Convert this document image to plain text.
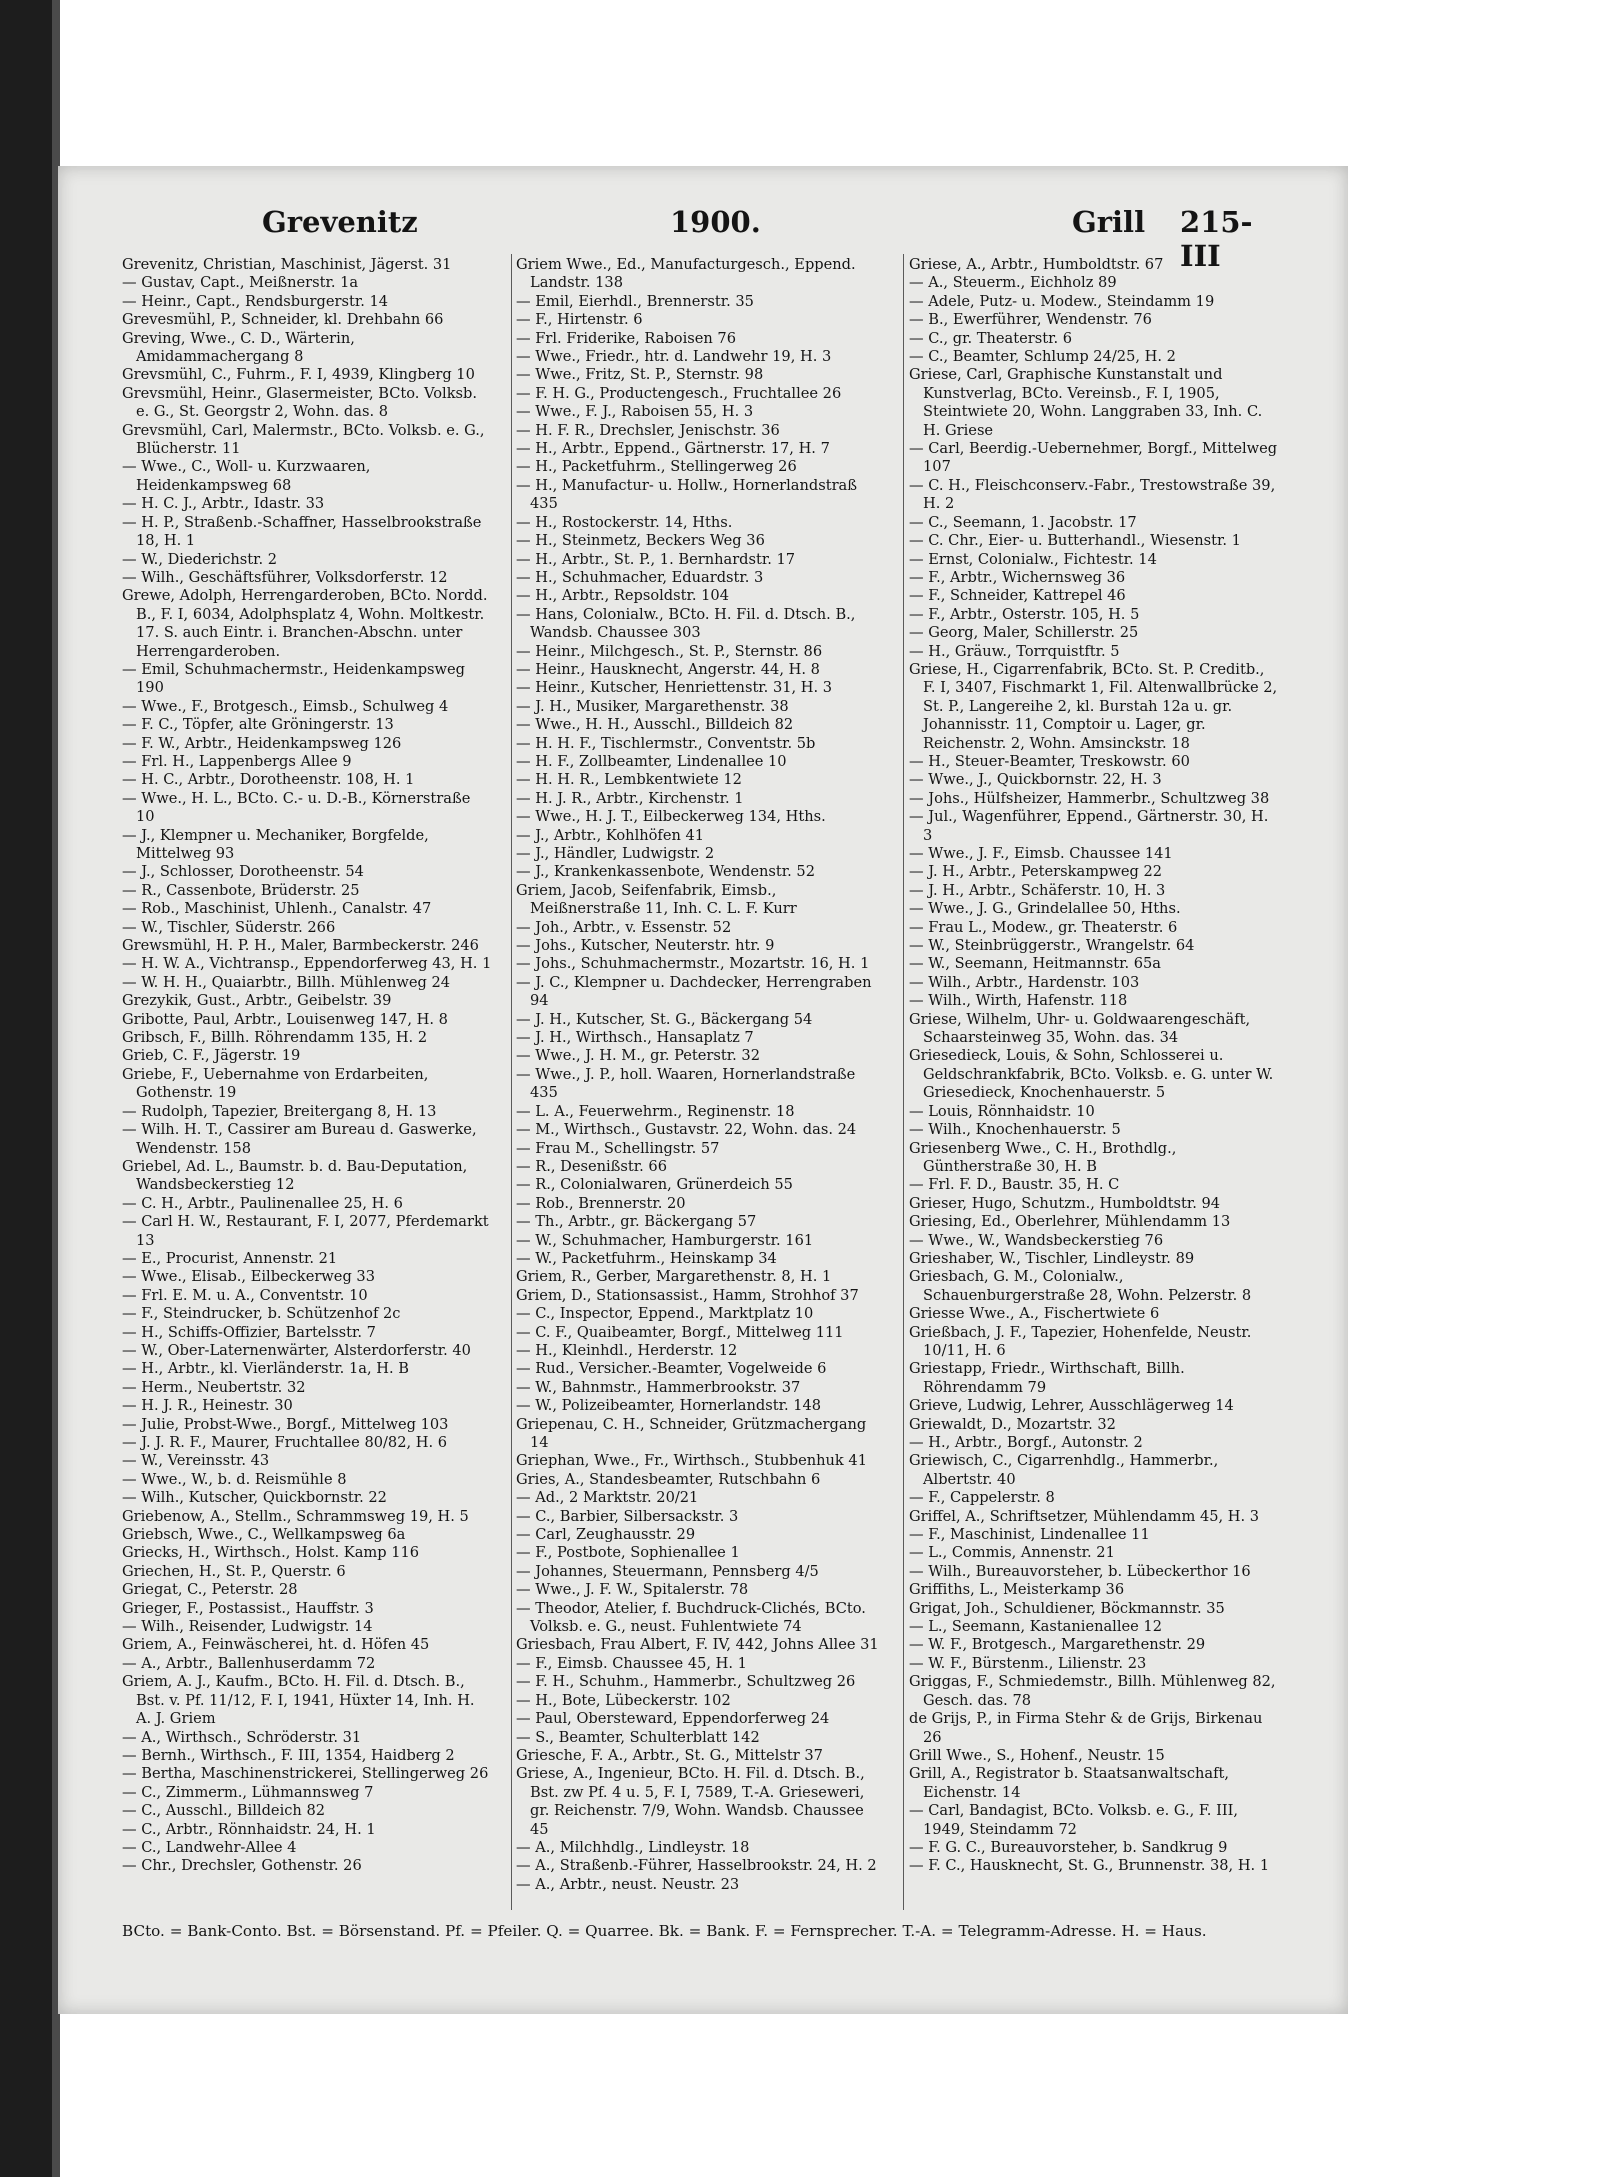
Grevenitz	1900.	Grill 215-III
Grevenitz, Christian, Maschinist, Jägerst. 31
— Gustav, Capt., Meißnerstr. 1a
— Heinr., Capt., Rendsburgerstr. 14
Grevesmühl, P., Schneider, kl. Drehbahn 66
Greving, Wwe., C. D., Wärterin, Amidammachergang 8
Grevsmühl, C., Fuhrm., F. I, 4939, Klingberg 10
Grevsmühl, Heinr., Glasermeister, BCto. Volksb. e. G., St. Georgstr 2, Wohn. das. 8
Grevsmühl, Carl, Malermstr., BCto. Volksb. e. G., Blücherstr. 11
— Wwe., C., Woll- u. Kurzwaaren, Heidenkampsweg 68
— H. C. J., Arbtr., Idastr. 33
— H. P., Straßenb.-Schaffner, Hasselbrookstraße 18, H. 1
— W., Diederichstr. 2
— Wilh., Geschäftsführer, Volksdorferstr. 12
Grewe, Adolph, Herrengarderoben, BCto. Nordd. B., F. I, 6034, Adolphsplatz 4, Wohn. Moltkestr. 17. S. auch Eintr. i. Branchen-Abschn. unter Herrengarderoben.
— Emil, Schuhmachermstr., Heidenkampsweg 190
— Wwe., F., Brotgesch., Eimsb., Schulweg 4
— F. C., Töpfer, alte Gröningerstr. 13
— F. W., Arbtr., Heidenkampsweg 126
— Frl. H., Lappenbergs Allee 9
— H. C., Arbtr., Dorotheenstr. 108, H. 1
— Wwe., H. L., BCto. C.- u. D.-B., Körnerstraße 10
— J., Klempner u. Mechaniker, Borgfelde, Mittelweg 93
— J., Schlosser, Dorotheenstr. 54
— R., Cassenbote, Brüderstr. 25
— Rob., Maschinist, Uhlenh., Canalstr. 47
— W., Tischler, Süderstr. 266
Grewsmühl, H. P. H., Maler, Barmbeckerstr. 246
— H. W. A., Vichtransp., Eppendorferweg 43, H. 1
— W. H. H., Quaiarbtr., Billh. Mühlenweg 24
Grezykik, Gust., Arbtr., Geibelstr. 39
Gribotte, Paul, Arbtr., Louisenweg 147, H. 8
Gribsch, F., Billh. Röhrendamm 135, H. 2
Grieb, C. F., Jägerstr. 19
Griebe, F., Uebernahme von Erdarbeiten, Gothenstr. 19
— Rudolph, Tapezier, Breitergang 8, H. 13
— Wilh. H. T., Cassirer am Bureau d. Gaswerke, Wendenstr. 158
Griebel, Ad. L., Baumstr. b. d. Bau-Deputation, Wandsbeckerstieg 12
— C. H., Arbtr., Paulinenallee 25, H. 6
— Carl H. W., Restaurant, F. I, 2077, Pferdemarkt 13
— E., Procurist, Annenstr. 21
— Wwe., Elisab., Eilbeckerweg 33
— Frl. E. M. u. A., Conventstr. 10
— F., Steindrucker, b. Schützenhof 2c
— H., Schiffs-Offizier, Bartelsstr. 7
— W., Ober-Laternenwärter, Alsterdorferstr. 40
— H., Arbtr., kl. Vierländerstr. 1a, H. B
— Herm., Neubertstr. 32
— H. J. R., Heinestr. 30
— Julie, Probst-Wwe., Borgf., Mittelweg 103
— J. J. R. F., Maurer, Fruchtallee 80/82, H. 6
— W., Vereinsstr. 43
— Wwe., W., b. d. Reismühle 8
— Wilh., Kutscher, Quickbornstr. 22
Griebenow, A., Stellm., Schrammsweg 19, H. 5
Griebsch, Wwe., C., Wellkampsweg 6a
Griecks, H., Wirthsch., Holst. Kamp 116
Griechen, H., St. P., Querstr. 6
Griegat, C., Peterstr. 28
Grieger, F., Postassist., Hauffstr. 3
— Wilh., Reisender, Ludwigstr. 14
Griem, A., Feinwäscherei, ht. d. Höfen 45
— A., Arbtr., Ballenhuserdamm 72
Griem, A. J., Kaufm., BCto. H. Fil. d. Dtsch. B., Bst. v. Pf. 11/12, F. I, 1941, Hüxter 14, Inh. H. A. J. Griem
— A., Wirthsch., Schröderstr. 31
— Bernh., Wirthsch., F. III, 1354, Haidberg 2
— Bertha, Maschinenstrickerei, Stellingerweg 26
— C., Zimmerm., Lühmannsweg 7
— C., Ausschl., Billdeich 82
— C., Arbtr., Rönnhaidstr. 24, H. 1
— C., Landwehr-Allee 4
— Chr., Drechsler, Gothenstr. 26
Griem Wwe., Ed., Manufacturgesch., Eppend. Landstr. 138
— Emil, Eierhdl., Brennerstr. 35
— F., Hirtenstr. 6
— Frl. Friderike, Raboisen 76
— Wwe., Friedr., htr. d. Landwehr 19, H. 3
— Wwe., Fritz, St. P., Sternstr. 98
— F. H. G., Productengesch., Fruchtallee 26
— Wwe., F. J., Raboisen 55, H. 3
— H. F. R., Drechsler, Jenischstr. 36
— H., Arbtr., Eppend., Gärtnerstr. 17, H. 7
— H., Packetfuhrm., Stellingerweg 26
— H., Manufactur- u. Hollw., Hornerlandstraß 435
— H., Rostockerstr. 14, Hths.
— H., Steinmetz, Beckers Weg 36
— H., Arbtr., St. P., 1. Bernhardstr. 17
— H., Schuhmacher, Eduardstr. 3
— H., Arbtr., Repsoldstr. 104
— Hans, Colonialw., BCto. H. Fil. d. Dtsch. B., Wandsb. Chaussee 303
— Heinr., Milchgesch., St. P., Sternstr. 86
— Heinr., Hausknecht, Angerstr. 44, H. 8
— Heinr., Kutscher, Henriettenstr. 31, H. 3
— J. H., Musiker, Margarethenstr. 38
— Wwe., H. H., Ausschl., Billdeich 82
— H. H. F., Tischlermstr., Conventstr. 5b
— H. F., Zollbeamter, Lindenallee 10
— H. H. R., Lembkentwiete 12
— H. J. R., Arbtr., Kirchenstr. 1
— Wwe., H. J. T., Eilbeckerweg 134, Hths.
— J., Arbtr., Kohlhöfen 41
— J., Händler, Ludwigstr. 2
— J., Krankenkassenbote, Wendenstr. 52
Griem, Jacob, Seifenfabrik, Eimsb., Meißnerstraße 11, Inh. C. L. F. Kurr
— Joh., Arbtr., v. Essenstr. 52
— Johs., Kutscher, Neuterstr. htr. 9
— Johs., Schuhmachermstr., Mozartstr. 16, H. 1
— J. C., Klempner u. Dachdecker, Herrengraben 94
— J. H., Kutscher, St. G., Bäckergang 54
— J. H., Wirthsch., Hansaplatz 7
— Wwe., J. H. M., gr. Peterstr. 32
— Wwe., J. P., holl. Waaren, Hornerlandstraße 435
— L. A., Feuerwehrm., Reginenstr. 18
— M., Wirthsch., Gustavstr. 22, Wohn. das. 24
— Frau M., Schellingstr. 57
— R., Desenißstr. 66
— R., Colonialwaren, Grünerdeich 55
— Rob., Brennerstr. 20
— Th., Arbtr., gr. Bäckergang 57
— W., Schuhmacher, Hamburgerstr. 161
— W., Packetfuhrm., Heinskamp 34
Griem, R., Gerber, Margarethenstr. 8, H. 1
Griem, D., Stationsassist., Hamm, Strohhof 37
— C., Inspector, Eppend., Marktplatz 10
— C. F., Quaibeamter, Borgf., Mittelweg 111
— H., Kleinhdl., Herderstr. 12
— Rud., Versicher.-Beamter, Vogelweide 6
— W., Bahnmstr., Hammerbrookstr. 37
— W., Polizeibeamter, Hornerlandstr. 148
Griepenau, C. H., Schneider, Grützmachergang 14
Griephan, Wwe., Fr., Wirthsch., Stubbenhuk 41
Gries, A., Standesbeamter, Rutschbahn 6
— Ad., 2 Marktstr. 20/21
— C., Barbier, Silbersackstr. 3
— Carl, Zeughausstr. 29
— F., Postbote, Sophienallee 1
— Johannes, Steuermann, Pennsberg 4/5
— Wwe., J. F. W., Spitalerstr. 78
— Theodor, Atelier, f. Buchdruck-Clichés, BCto. Volksb. e. G., neust. Fuhlentwiete 74
Griesbach, Frau Albert, F. IV, 442, Johns Allee 31
— F., Eimsb. Chaussee 45, H. 1
— F. H., Schuhm., Hammerbr., Schultzweg 26
— H., Bote, Lübeckerstr. 102
— Paul, Obersteward, Eppendorferweg 24
— S., Beamter, Schulterblatt 142
Griesche, F. A., Arbtr., St. G., Mittelstr 37
Griese, A., Ingenieur, BCto. H. Fil. d. Dtsch. B., Bst. zw Pf. 4 u. 5, F. I, 7589, T.-A. Grieseweri, gr. Reichenstr. 7/9, Wohn. Wandsb. Chaussee 45
— A., Milchhdlg., Lindleystr. 18
— A., Straßenb.-Führer, Hasselbrookstr. 24, H. 2
— A., Arbtr., neust. Neustr. 23
Griese, A., Arbtr., Humboldtstr. 67
— A., Steuerm., Eichholz 89
— Adele, Putz- u. Modew., Steindamm 19
— B., Ewerführer, Wendenstr. 76
— C., gr. Theaterstr. 6
— C., Beamter, Schlump 24/25, H. 2
Griese, Carl, Graphische Kunstanstalt und Kunstverlag, BCto. Vereinsb., F. I, 1905, Steintwiete 20, Wohn. Langgraben 33, Inh. C. H. Griese
— Carl, Beerdig.-Uebernehmer, Borgf., Mittelweg 107
— C. H., Fleischconserv.-Fabr., Trestowstraße 39, H. 2
— C., Seemann, 1. Jacobstr. 17
— C. Chr., Eier- u. Butterhandl., Wiesenstr. 1
— Ernst, Colonialw., Fichtestr. 14
— F., Arbtr., Wichernsweg 36
— F., Schneider, Kattrepel 46
— F., Arbtr., Osterstr. 105, H. 5
— Georg, Maler, Schillerstr. 25
— H., Gräuw., Torrquistftr. 5
Griese, H., Cigarrenfabrik, BCto. St. P. Creditb., F. I, 3407, Fischmarkt 1, Fil. Altenwallbrücke 2, St. P., Langereihe 2, kl. Burstah 12a u. gr. Johannisstr. 11, Comptoir u. Lager, gr. Reichenstr. 2, Wohn. Amsinckstr. 18
— H., Steuer-Beamter, Treskowstr. 60
— Wwe., J., Quickbornstr. 22, H. 3
— Johs., Hülfsheizer, Hammerbr., Schultzweg 38
— Jul., Wagenführer, Eppend., Gärtnerstr. 30, H. 3
— Wwe., J. F., Eimsb. Chaussee 141
— J. H., Arbtr., Peterskampweg 22
— J. H., Arbtr., Schäferstr. 10, H. 3
— Wwe., J. G., Grindelallee 50, Hths.
— Frau L., Modew., gr. Theaterstr. 6
— W., Steinbrüggerstr., Wrangelstr. 64
— W., Seemann, Heitmannstr. 65a
— Wilh., Arbtr., Hardenstr. 103
— Wilh., Wirth, Hafenstr. 118
Griese, Wilhelm, Uhr- u. Goldwaarengeschäft, Schaarsteinweg 35, Wohn. das. 34
Griesedieck, Louis, & Sohn, Schlosserei u. Geldschrankfabrik, BCto. Volksb. e. G. unter W. Griesedieck, Knochenhauerstr. 5
— Louis, Rönnhaidstr. 10
— Wilh., Knochenhauerstr. 5
Griesenberg Wwe., C. H., Brothdlg., Güntherstraße 30, H. B
— Frl. F. D., Baustr. 35, H. C
Grieser, Hugo, Schutzm., Humboldtstr. 94
Griesing, Ed., Oberlehrer, Mühlendamm 13
— Wwe., W., Wandsbeckerstieg 76
Grieshaber, W., Tischler, Lindleystr. 89
Griesbach, G. M., Colonialw., Schauenburgerstraße 28, Wohn. Pelzerstr. 8
Griesse Wwe., A., Fischertwiete 6
Grießbach, J. F., Tapezier, Hohenfelde, Neustr. 10/11, H. 6
Griestapp, Friedr., Wirthschaft, Billh. Röhrendamm 79
Grieve, Ludwig, Lehrer, Ausschlägerweg 14
Griewaldt, D., Mozartstr. 32
— H., Arbtr., Borgf., Autonstr. 2
Griewisch, C., Cigarrenhdlg., Hammerbr., Albertstr. 40
— F., Cappelerstr. 8
Griffel, A., Schriftsetzer, Mühlendamm 45, H. 3
— F., Maschinist, Lindenallee 11
— L., Commis, Annenstr. 21
— Wilh., Bureauvorsteher, b. Lübeckerthor 16
Griffiths, L., Meisterkamp 36
Grigat, Joh., Schuldiener, Böckmannstr. 35
— L., Seemann, Kastanienallee 12
— W. F., Brotgesch., Margarethenstr. 29
— W. F., Bürstenm., Lilienstr. 23
Griggas, F., Schmiedemstr., Billh. Mühlenweg 82, Gesch. das. 78
de Grijs, P., in Firma Stehr & de Grijs, Birkenau 26
Grill Wwe., S., Hohenf., Neustr. 15
Grill, A., Registrator b. Staatsanwaltschaft, Eichenstr. 14
— Carl, Bandagist, BCto. Volksb. e. G., F. III, 1949, Steindamm 72
— F. G. C., Bureauvorsteher, b. Sandkrug 9
— F. C., Hausknecht, St. G., Brunnenstr. 38, H. 1
BCto. = Bank-Conto. Bst. = Börsenstand. Pf. = Pfeiler. Q. = Quarree. Bk. = Bank. F. = Fernsprecher. T.-A. = Telegramm-Adresse. H. = Haus.
